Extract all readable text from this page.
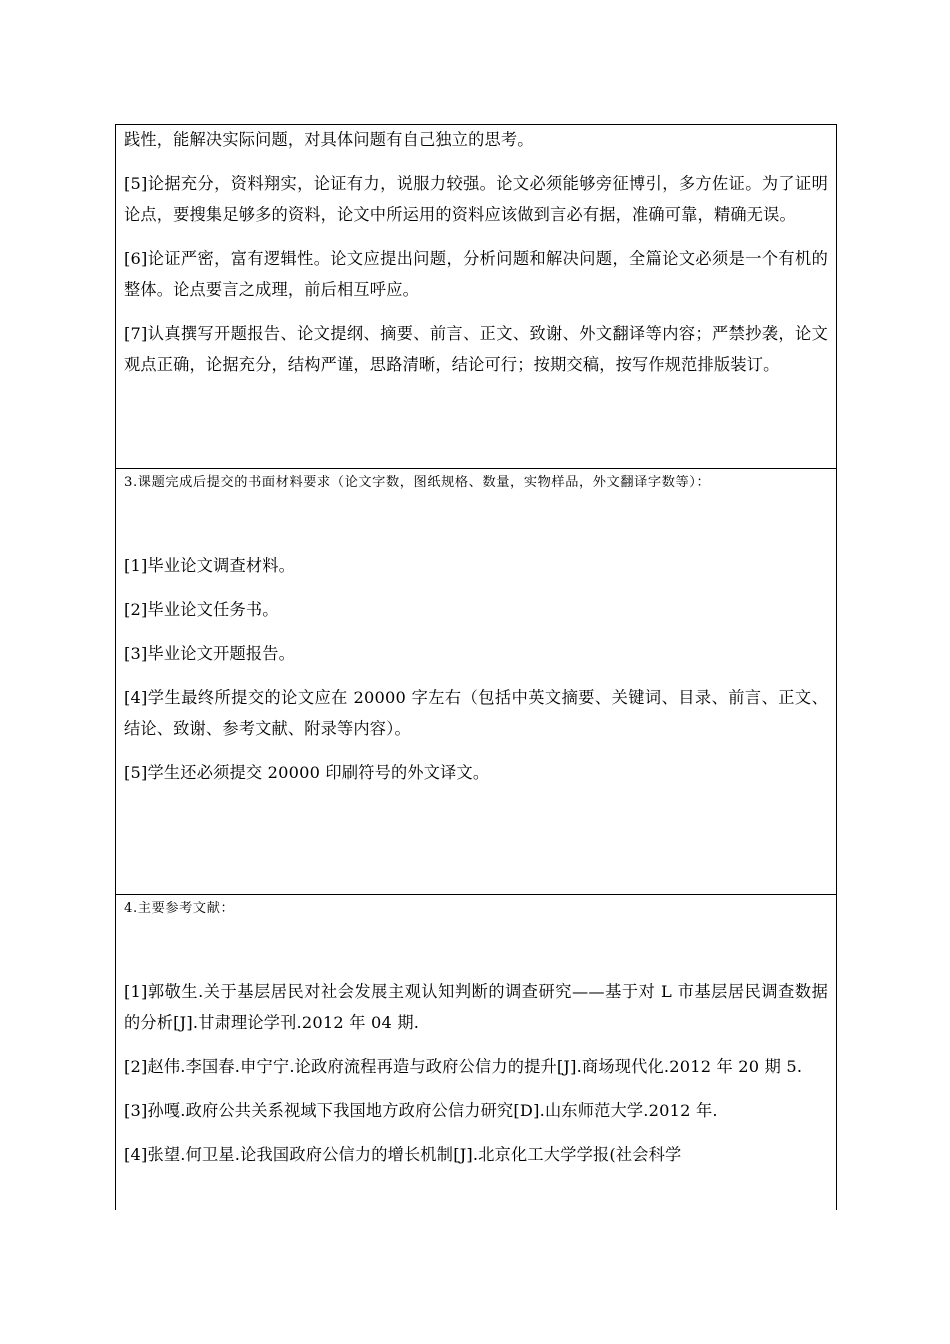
践性，能解决实际问题，对具体问题有自己独立的思考。

[5]论据充分，资料翔实，论证有力，说服力较强。论文必须能够旁征博引，多方佐证。为了证明论点，要搜集足够多的资料，论文中所运用的资料应该做到言必有据，准确可靠，精确无误。

[6]论证严密，富有逻辑性。论文应提出问题，分析问题和解决问题，全篇论文必须是一个有机的整体。论点要言之成理，前后相互呼应。

[7]认真撰写开题报告、论文提纲、摘要、前言、正文、致谢、外文翻译等内容；严禁抄袭，论文观点正确，论据充分，结构严谨，思路清晰，结论可行；按期交稿，按写作规范排版装订。

3.课题完成后提交的书面材料要求（论文字数，图纸规格、数量，实物样品，外文翻译字数等）：

[1]毕业论文调查材料。

[2]毕业论文任务书。

[3]毕业论文开题报告。

[4]学生最终所提交的论文应在 20000 字左右（包括中英文摘要、关键词、目录、前言、正文、结论、致谢、参考文献、附录等内容）。

[5]学生还必须提交 20000 印刷符号的外文译文。

4.主要参考文献：

[1]郭敬生.关于基层居民对社会发展主观认知判断的调查研究——基于对 L 市基层居民调查数据的分析[J].甘肃理论学刊.2012 年 04 期.

[2]赵伟.李国春.申宁宁.论政府流程再造与政府公信力的提升[J].商场现代化.2012 年 20 期 5.

[3]孙嘎.政府公共关系视域下我国地方政府公信力研究[D].山东师范大学.2012 年.

[4]张望.何卫星.论我国政府公信力的增长机制[J].北京化工大学学报(社会科学
